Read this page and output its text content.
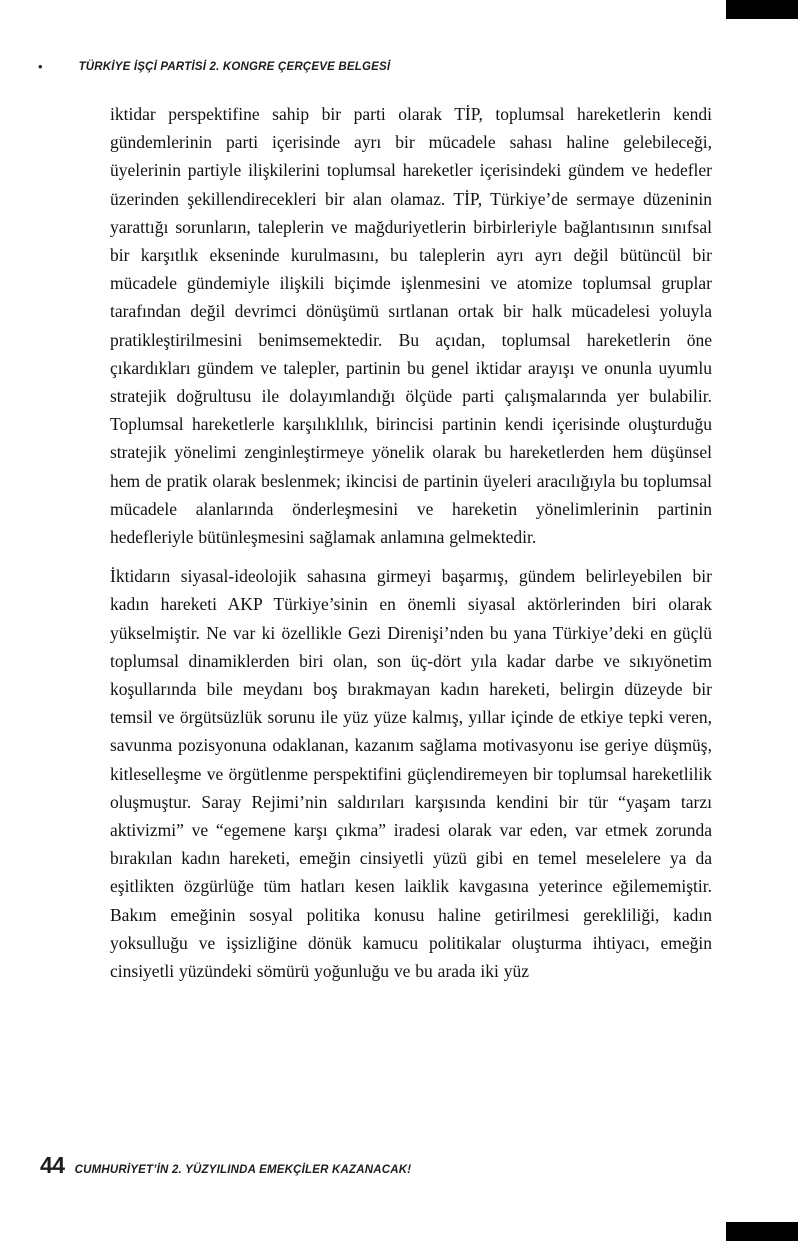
•	TÜRKİYE İŞÇİ PARTİSİ 2. KONGRE ÇERÇEVE BELGESİ

iktidar perspektifine sahip bir parti olarak TİP, toplumsal hareketlerin kendi gündemlerinin parti içerisinde ayrı bir mücadele sahası haline gelebileceği, üyelerinin partiyle ilişkilerini toplumsal hareketler içerisindeki gündem ve hedefler üzerinden şekillendirecekleri bir alan olamaz. TİP, Türkiye’de sermaye düzeninin yarattığı sorunların, taleplerin ve mağduriyetlerin birbirleriyle bağlantısının sınıfsal bir karşıtlık ekseninde kurulmasını, bu taleplerin ayrı ayrı değil bütüncül bir mücadele gündemiyle ilişkili biçimde işlenmesini ve atomize toplumsal gruplar tarafından değil devrimci dönüşümü sırtlanan ortak bir halk mücadelesi yoluyla pratikleştirilmesini benimsemektedir. Bu açıdan, toplumsal hareketlerin öne çıkardıkları gündem ve talepler, partinin bu genel iktidar arayışı ve onunla uyumlu stratejik doğrultusu ile dolayımlandığı ölçüde parti çalışmalarında yer bulabilir. Toplumsal hareketlerle karşılıklılık, birincisi partinin kendi içerisinde oluşturduğu stratejik yönelimi zenginleştirmeye yönelik olarak bu hareketlerden hem düşünsel hem de pratik olarak beslenmek; ikincisi de partinin üyeleri aracılığıyla bu toplumsal mücadele alanlarında önderleşmesini ve hareketin yönelimlerinin partinin hedefleriyle bütünleşmesini sağlamak anlamına gelmektedir.

İktidarın siyasal-ideolojik sahasına girmeyi başarmış, gündem belirleyebilen bir kadın hareketi AKP Türkiye’sinin en önemli siyasal aktörlerinden biri olarak yükselmiştir. Ne var ki özellikle Gezi Direnişi’nden bu yana Türkiye’deki en güçlü toplumsal dinamiklerden biri olan, son üç-dört yıla kadar darbe ve sıkıyönetim koşullarında bile meydanı boş bırakmayan kadın hareketi, belirgin düzeyde bir temsil ve örgütsüzlük sorunu ile yüz yüze kalmış, yıllar içinde de etkiye tepki veren, savunma pozisyonuna odaklanan, kazanım sağlama motivasyonu ise geriye düşmüş, kitleselleşme ve örgütlenme perspektifini güçlendiremeyen bir toplumsal hareketlilik oluşmuştur. Saray Rejimi’nin saldırıları karşısında kendini bir tür “yaşam tarzı aktivizmi” ve “egemene karşı çıkma” iradesi olarak var eden, var etmek zorunda bırakılan kadın hareketi, emeğin cinsiyetli yüzü gibi en temel meselelere ya da eşitlikten özgürlüğe tüm hatları kesen laiklik kavgasına yeterince eğilememiştir. Bakım emeğinin sosyal politika konusu haline getirilmesi gerekliliği, kadın yoksulluğu ve işsizliğine dönük kamucu politikalar oluşturma ihtiyacı, emeğin cinsiyetli yüzündeki sömürü yoğunluğu ve bu arada iki yüz

44 CUMHURİYET’İN 2. YÜZYILINDA EMEKÇİLER KAZANACAK!
